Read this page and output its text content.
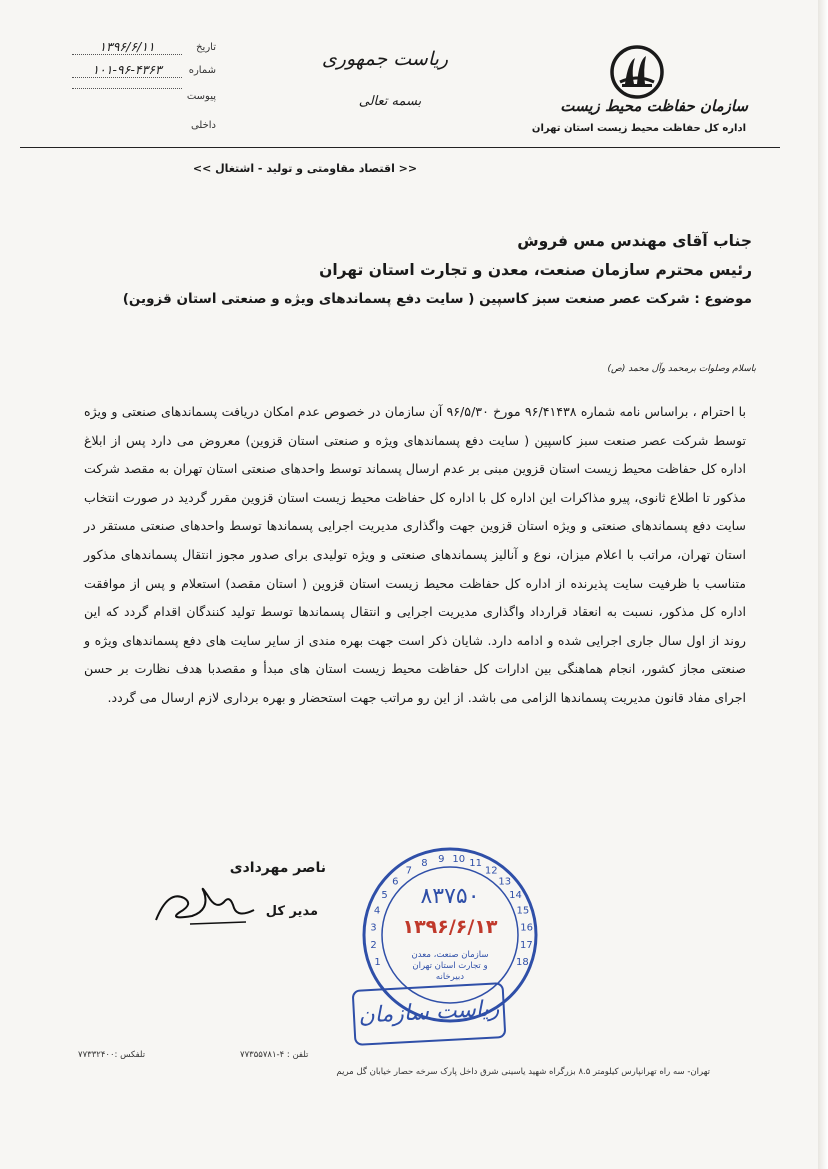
ریاست جمهوری
بسمه تعالی	سازمان حفاظت محیط زیست
اداره کل حفاظت محیط زیست استان تهران
تاریخ
۱۳۹۶/۶/۱۱
شماره
۱۰۱-۹۶-۴۳۶۳
پیوست
داخلی
<< اقتصاد مقاومتی و تولید - اشتغال >>
جناب آقای مهندس مس فروش
رئیس محترم سازمان صنعت، معدن و تجارت استان تهران
موضوع : شرکت عصر صنعت سبز کاسپین ( سایت دفع پسماندهای ویژه و صنعتی استان قزوین)
باسلام وصلوات برمحمد وآل محمد (ص)

با احترام ، براساس نامه شماره ۹۶/۴۱۴۳۸ مورخ ۹۶/۵/۳۰ آن سازمان در خصوص عدم امکان دریافت پسماندهای صنعتی و ویژه توسط شرکت عصر صنعت سبز کاسپین ( سایت دفع پسماندهای ویژه و صنعتی استان قزوین) معروض می دارد پس از ابلاغ اداره کل حفاظت محیط زیست استان قزوین مبنی بر عدم ارسال پسماند توسط واحدهای صنعتی استان تهران به مقصد شرکت مذکور تا اطلاع ثانوی، پیرو مذاکرات این اداره کل با اداره کل حفاظت محیط زیست استان قزوین مقرر گردید در صورت انتخاب سایت دفع پسماندهای صنعتی و ویژه استان قزوین جهت واگذاری مدیریت اجرایی پسماندها توسط واحدهای صنعتی مستقر در استان تهران، مراتب با اعلام میزان، نوع و آنالیز پسماندهای صنعتی و ویژه تولیدی برای صدور مجوز انتقال پسماندهای مذکور متناسب با ظرفیت سایت پذیرنده از اداره کل حفاظت محیط زیست استان قزوین ( استان مقصد) استعلام و پس از موافقت اداره کل مذکور، نسبت به انعقاد قرارداد واگذاری مدیریت اجرایی و انتقال پسماندها توسط تولید کنندگان اقدام گردد که این روند از اول سال جاری اجرایی شده و ادامه دارد. شایان ذکر است جهت بهره مندی از سایر سایت های دفع پسماندهای ویژه و صنعتی مجاز کشور، انجام هماهنگی بین ادارات کل حفاظت محیط زیست استان های مبدأ و مقصدبا هدف نظارت بر حسن اجرای مفاد قانون مدیریت پسماندها الزامی می باشد. از این رو مراتب جهت استحضار و بهره برداری لازم ارسال می گردد.

ناصر مهردادی
مدیر کل
1
2
3
4
5
6
7
8 9 10 11
12
13
14
15
16
17
18
۸۳۷۵۰
۱۳۹۶/۶/۱۳
سازمان صنعت، معدن
و تجارت استان تهران
دبیرخانه
ریاست سازمان
تلفن : ۴-۷۷۳۵۵۷۸۱
تلفکس :۷۷۳۳۲۴۰۰
تهران- سه راه تهرانپارس کیلومتر ۸.۵ بزرگراه شهید یاسینی شرق داخل پارک سرخه حصار خیابان گل مریم
